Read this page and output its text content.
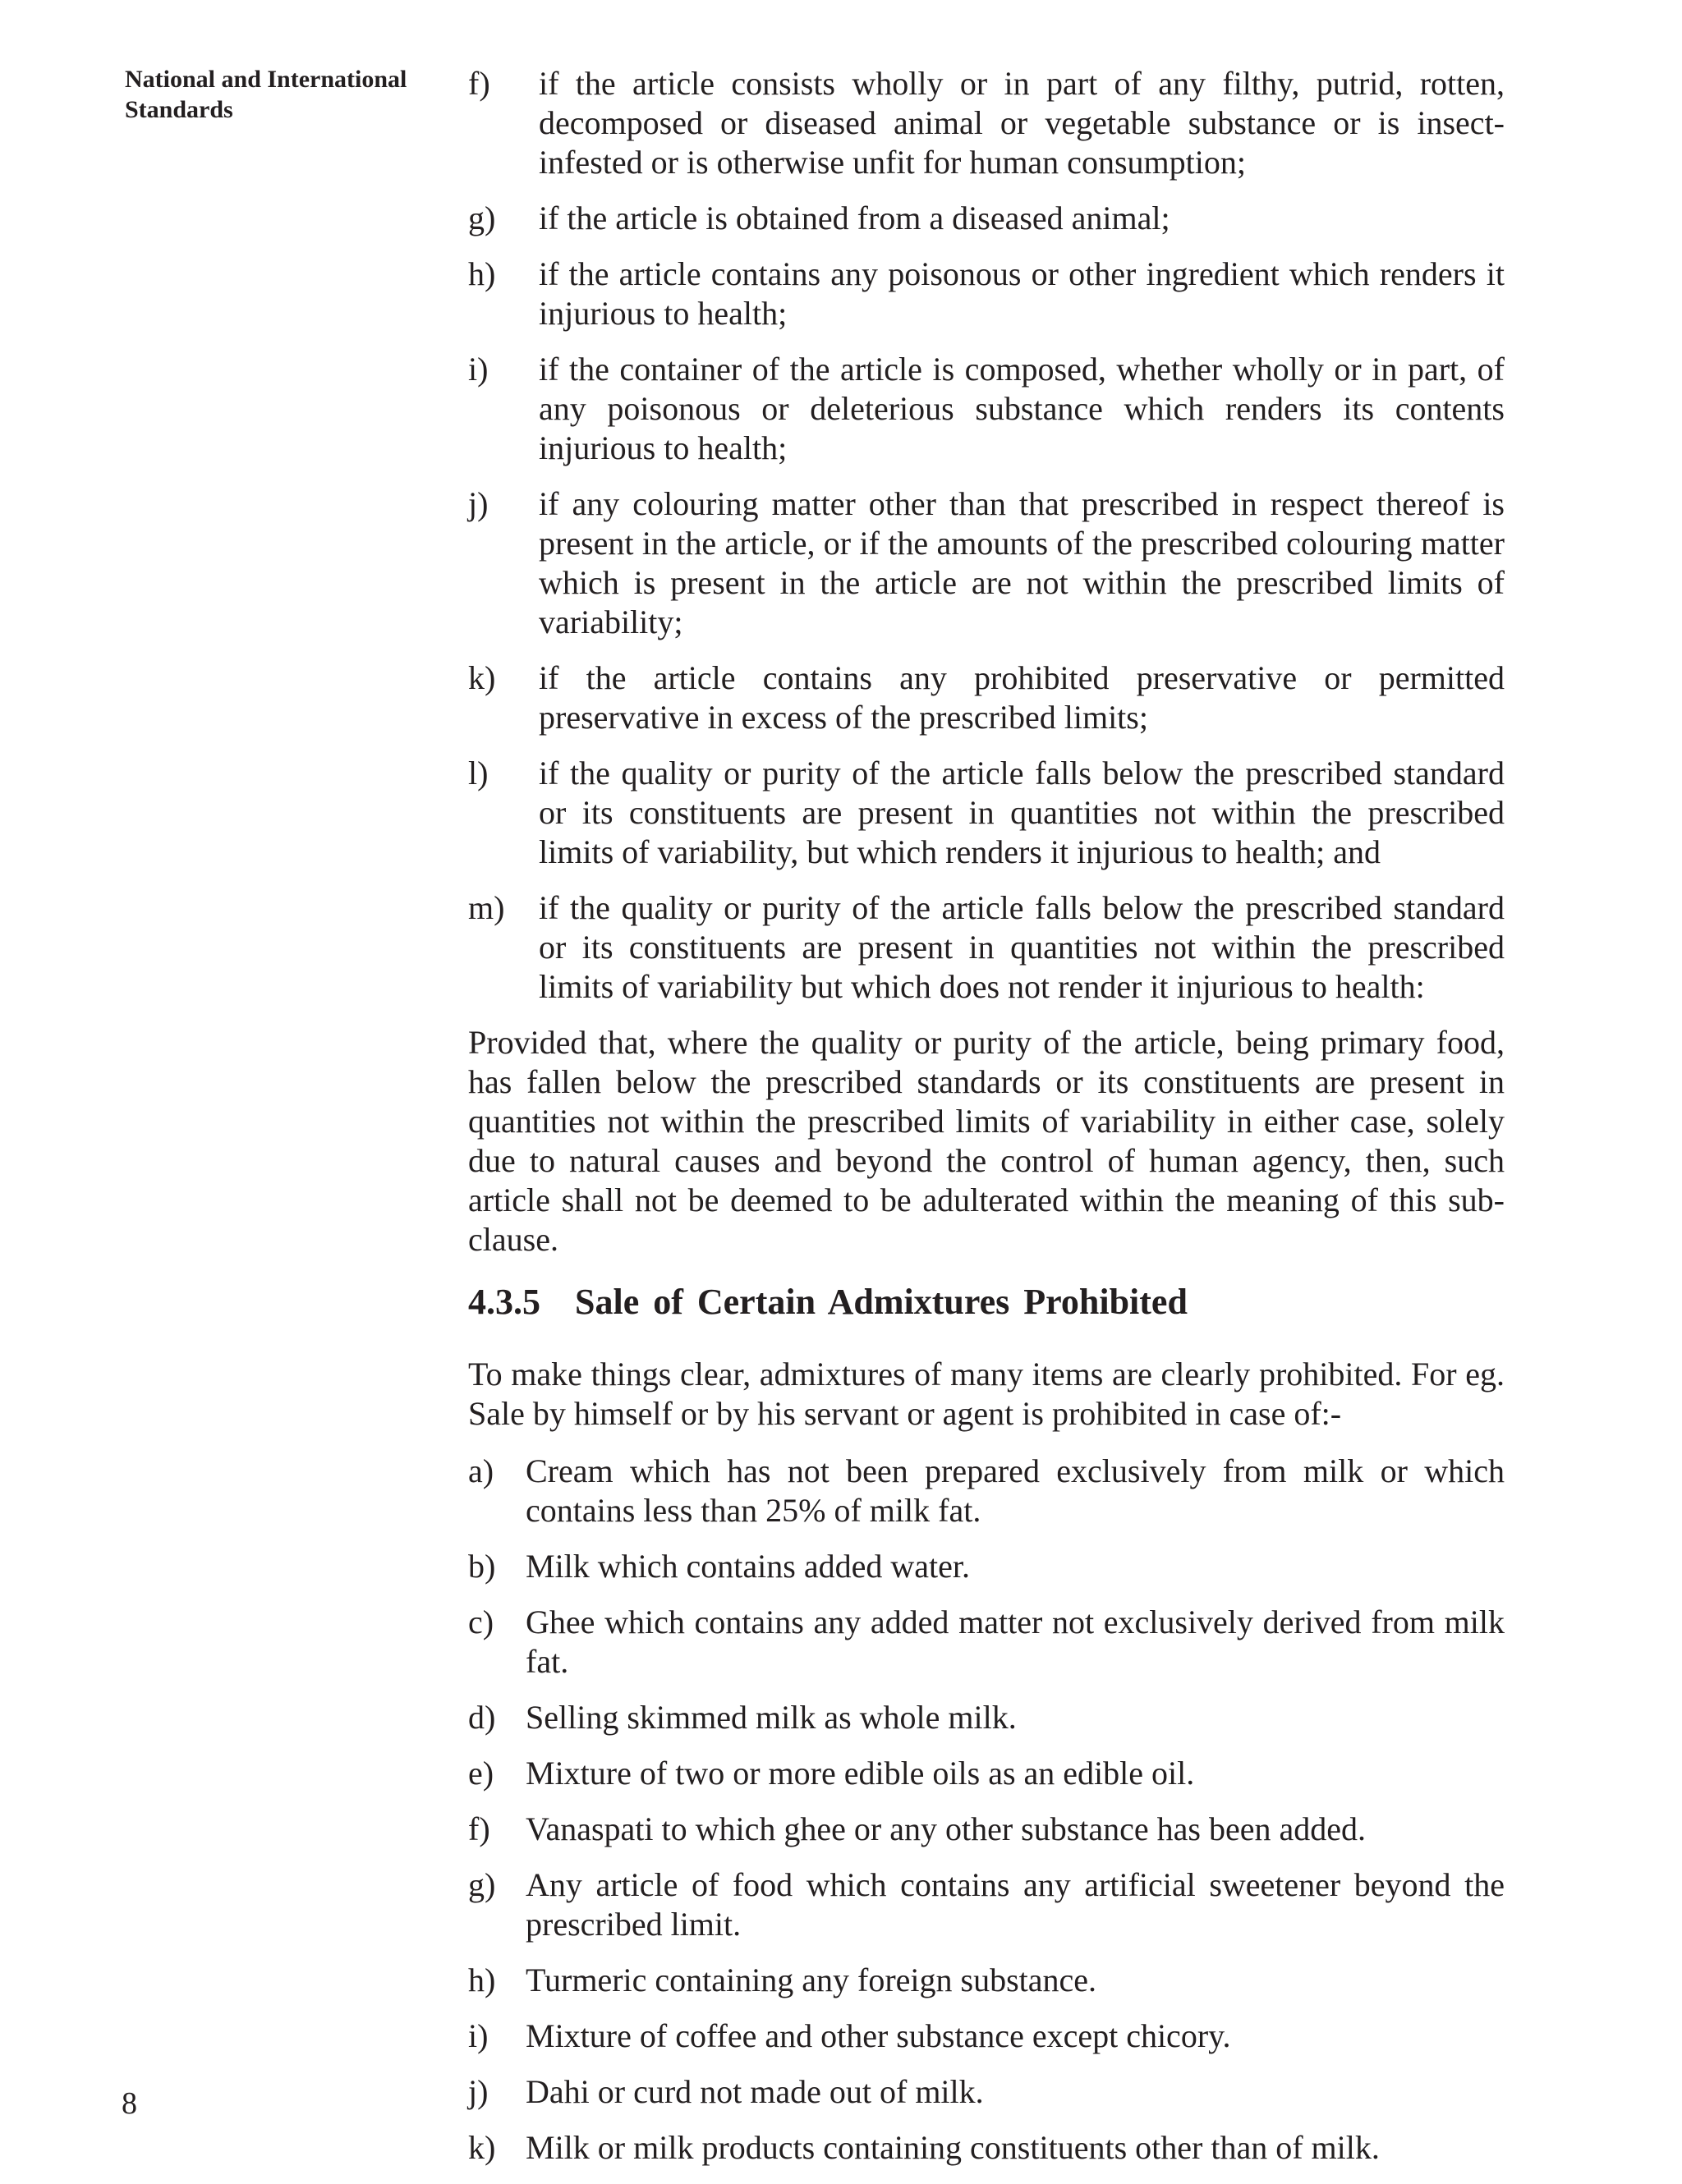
National and International
Standards
f)	if the article consists wholly or in part of any filthy, putrid, rotten, decomposed or diseased animal or vegetable substance or is insect-infested or is otherwise unfit for human consumption;
g)	if the article is obtained from a diseased animal;
h)	if the article contains any poisonous or other ingredient which renders it injurious to health;
i)	if the container of the article is composed, whether wholly or in part, of any poisonous or deleterious substance which renders its contents injurious to health;
j)	if any colouring matter other than that prescribed in respect thereof is present in the article, or if the amounts of the prescribed colouring matter which is present in the article are not within the prescribed limits of variability;
k)	if the article contains any prohibited preservative or permitted preservative in excess of the prescribed limits;
l)	if the quality or purity of the article falls below the prescribed standard or its constituents are present in quantities not within the prescribed limits of variability, but which renders it injurious to health; and
m)	if the quality or purity of the article falls below the prescribed standard or its constituents are present in quantities not within the prescribed limits of variability but which does not render it injurious to health:

Provided that, where the quality or purity of the article, being primary food, has fallen below the prescribed standards or its constituents are present in quantities not within the prescribed limits of variability in either case, solely due to natural causes and beyond the control of human agency, then, such article shall not be deemed to be adulterated within the meaning of this sub-clause.

4.3.5 Sale of Certain Admixtures Prohibited

To make things clear, admixtures of many items are clearly prohibited. For eg. Sale by himself or by his servant or agent is prohibited in case of:-

a) Cream which has not been prepared exclusively from milk or which contains less than 25% of milk fat.
b) Milk which contains added water.
c) Ghee which contains any added matter not exclusively derived from milk fat.
d) Selling skimmed milk as whole milk.
e) Mixture of two or more edible oils as an edible oil.
f)	Vanaspati to which ghee or any other substance has been added.
g) Any article of food which contains any artificial sweetener beyond the prescribed limit.
h) Turmeric containing any foreign substance.
i)	Mixture of coffee and other substance except chicory.
j)	Dahi or curd not made out of milk.
k) Milk or milk products containing constituents other than of milk.
8
